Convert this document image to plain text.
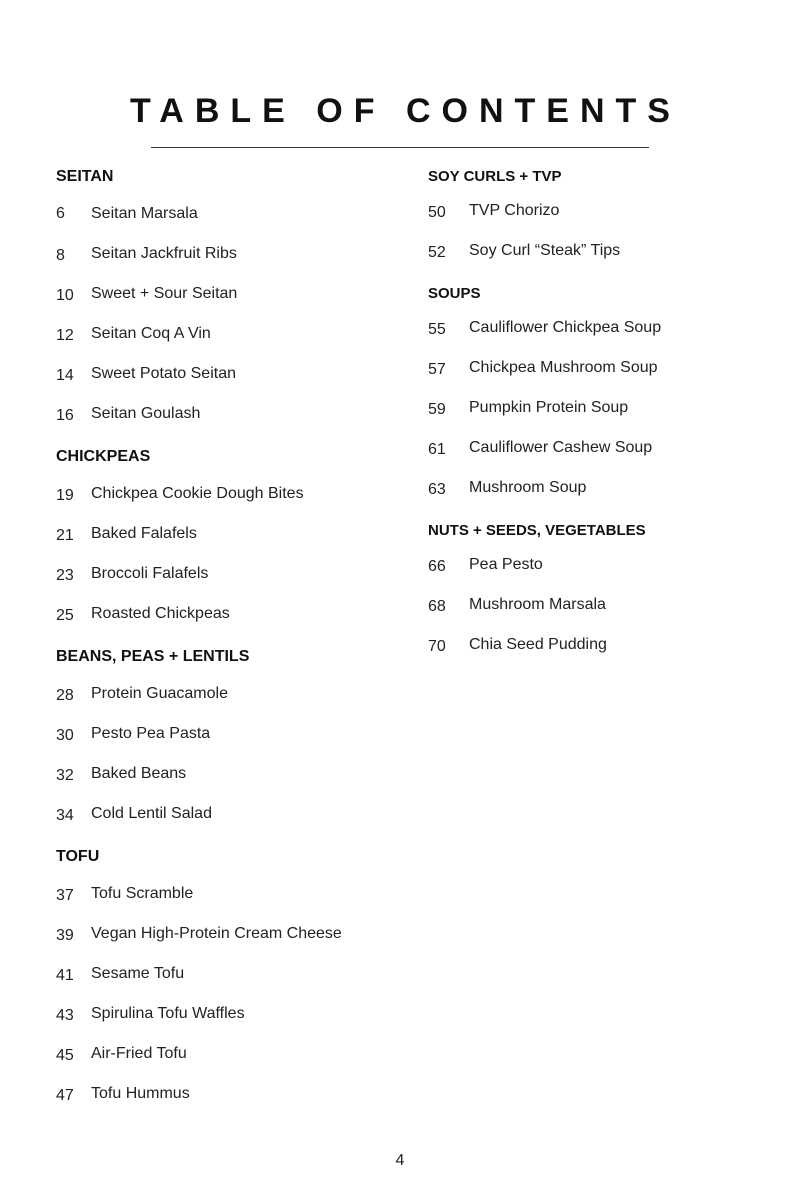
TABLE OF CONTENTS
SEITAN
6	Seitan Marsala
8	Seitan Jackfruit Ribs
10	Sweet + Sour Seitan
12	Seitan Coq A Vin
14	Sweet Potato Seitan
16	Seitan Goulash
CHICKPEAS
19	Chickpea Cookie Dough Bites
21	Baked Falafels
23	Broccoli Falafels
25	Roasted Chickpeas
BEANS, PEAS + LENTILS
28	Protein Guacamole
30	Pesto Pea Pasta
32	Baked Beans
34	Cold Lentil Salad
TOFU
37	Tofu Scramble
39	Vegan High-Protein Cream Cheese
41	Sesame Tofu
43	Spirulina Tofu Waffles
45	Air-Fried Tofu
47	Tofu Hummus
SOY CURLS + TVP
50	TVP Chorizo
52	Soy Curl “Steak” Tips
SOUPS
55	Cauliflower Chickpea Soup
57	Chickpea Mushroom Soup
59	Pumpkin Protein Soup
61	Cauliflower Cashew Soup
63	Mushroom Soup
NUTS + SEEDS, VEGETABLES
66	Pea Pesto
68	Mushroom Marsala
70	Chia Seed Pudding
4
